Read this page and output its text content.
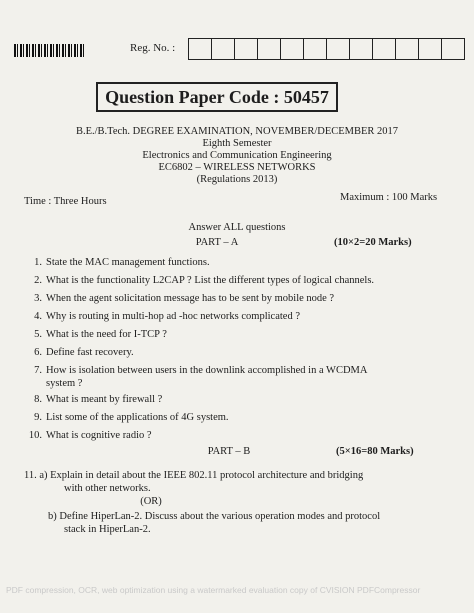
Reg. No. :
Question Paper Code : 50457
B.E./B.Tech. DEGREE EXAMINATION, NOVEMBER/DECEMBER 2017
Eighth Semester
Electronics and Communication Engineering
EC6802 – WIRELESS NETWORKS
(Regulations 2013)
Time : Three Hours	Maximum : 100 Marks
Answer ALL questions
PART – A	(10×2=20 Marks)
1. State the MAC management functions.
2. What is the functionality L2CAP ? List the different types of logical channels.
3. When the agent solicitation message has to be sent by mobile node ?
4. Why is routing in multi-hop ad -hoc networks complicated ?
5. What is the need for I-TCP ?
6. Define fast recovery.
7. How is isolation between users in the downlink accomplished in a WCDMA
system ?
8. What is meant by firewall ?
9. List some of the applications of 4G system.
10. What is cognitive radio ?
PART – B	(5×16=80 Marks)
11. a) Explain in detail about the IEEE 802.11 protocol architecture and bridging
with other networks.
(OR)
b) Define HiperLan-2. Discuss about the various operation modes and protocol
stack in HiperLan-2.
PDF compression, OCR, web optimization using a watermarked evaluation copy of CVISION PDFCompressor
